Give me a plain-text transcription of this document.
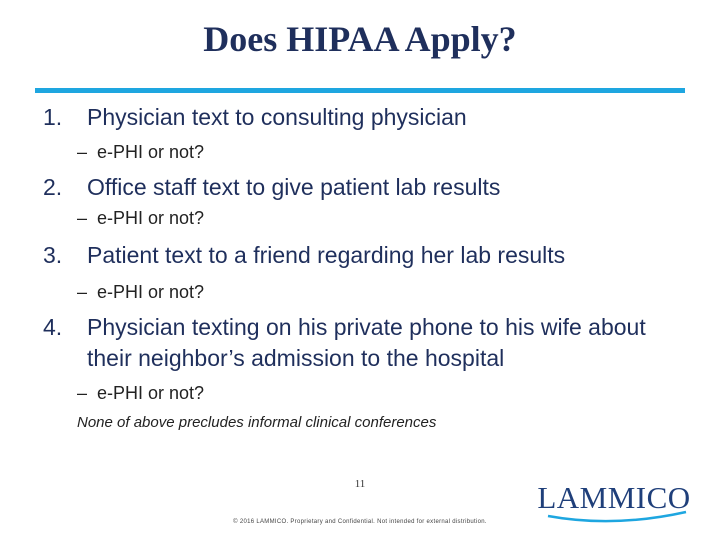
Does HIPAA Apply?
1.	Physician text to consulting physician
– e-PHI or not?
2.	Office staff text to give patient lab results
– e-PHI or not?
3.	Patient text to a friend regarding her lab results
– e-PHI or not?
4.	Physician texting on his private phone to his wife about their neighbor’s admission to the hospital
– e-PHI or not?
None of above precludes informal clinical conferences
11
© 2016 LAMMICO. Proprietary and Confidential. Not intended for external distribution.
LAMMICO
